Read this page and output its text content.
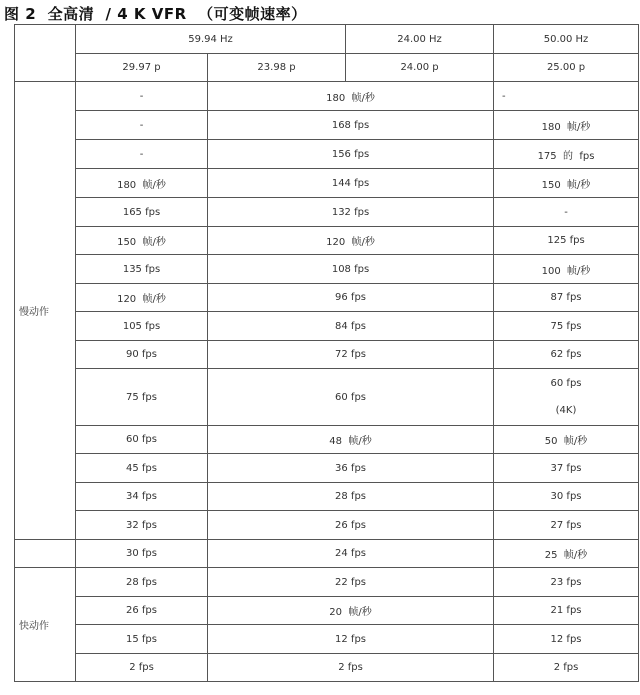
图 2  全高清  / 4 K VFR  （可变帧速率）
	59.94 Hz		24.00 Hz	50.00 Hz
	29.97 p	23.98 p	24.00 p	25.00 p
慢动作	-	180  帧/秒		-
	-	168 fps		180  帧/秒
	-	156 fps		175  的  fps
	180  帧/秒	144 fps		150  帧/秒
	165 fps	132 fps		-
	150  帧/秒	120  帧/秒		125 fps
	135 fps	108 fps		100  帧/秒
	120  帧/秒	96 fps		87 fps
	105 fps	84 fps		75 fps
	90 fps	72 fps		62 fps
	75 fps	60 fps		60 fps
(4K)

	60 fps	48  帧/秒		50  帧/秒
	45 fps	36 fps		37 fps
	34 fps	28 fps		30 fps
	32 fps	26 fps		27 fps
	30 fps	24 fps		25  帧/秒
快动作	28 fps	22 fps		23 fps
	26 fps	20  帧/秒		21 fps
	15 fps	12 fps		12 fps
	2 fps	2 fps		2 fps
